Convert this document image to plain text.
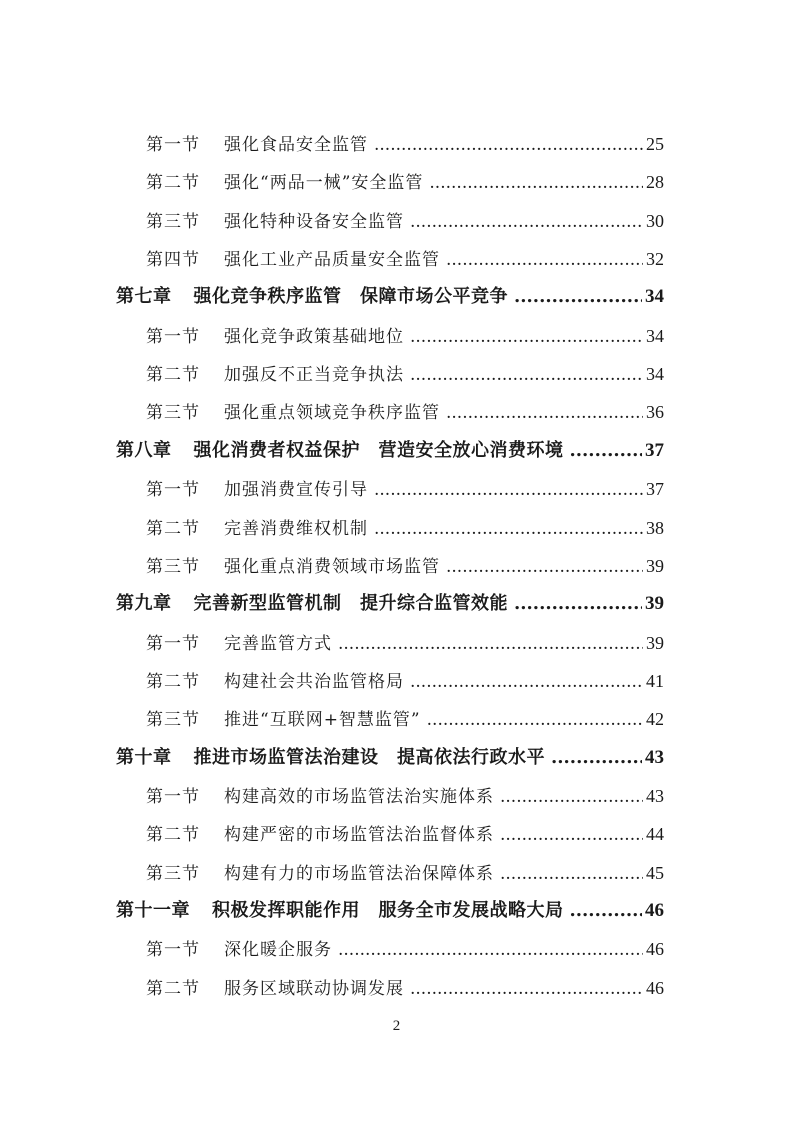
第一节	强化食品安全监管 .....	25
第二节	强化“两品一械”安全监管 .....	28
第三节	强化特种设备安全监管 .....	30
第四节	强化工业产品质量安全监管 .....	32
第七章 强化竞争秩序监管　保障市场公平竞争 .....	34
第一节	强化竞争政策基础地位 .....	34
第二节	加强反不正当竞争执法 .....	34
第三节	强化重点领域竞争秩序监管 .....	36
第八章 强化消费者权益保护　营造安全放心消费环境 .....	37
第一节	加强消费宣传引导 .....	37
第二节	完善消费维权机制 .....	38
第三节	强化重点消费领域市场监管 .....	39
第九章 完善新型监管机制　提升综合监管效能 .....	39
第一节	完善监管方式 .....	39
第二节	构建社会共治监管格局 .....	41
第三节	推进“互联网+智慧监管” .....	42
第十章 推进市场监管法治建设　提高依法行政水平 .....	43
第一节	构建高效的市场监管法治实施体系 .....	43
第二节	构建严密的市场监管法治监督体系 .....	44
第三节	构建有力的市场监管法治保障体系 .....	45
第十一章 积极发挥职能作用　服务全市发展战略大局 .....	46
第一节	深化暖企服务 .....	46
第二节	服务区域联动协调发展 .....	46
2
